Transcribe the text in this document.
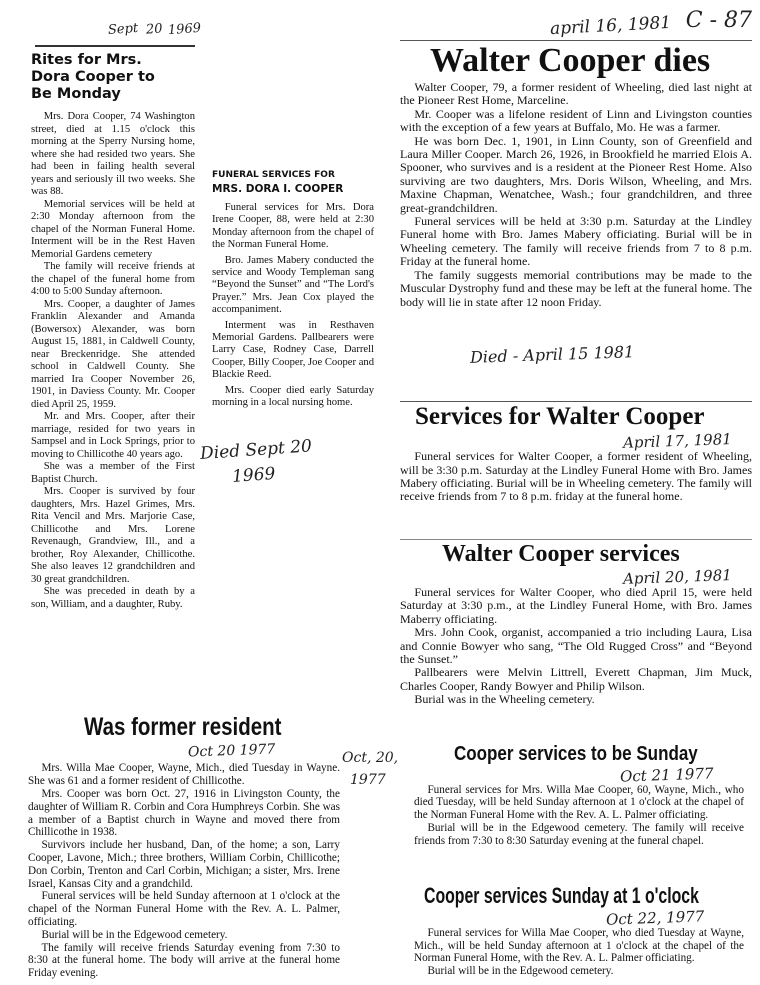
Sept 20 1969
Rites for Mrs.
Dora Cooper to
Be Monday

Mrs. Dora Cooper, 74 Washington street, died at 1.15 o'clock this morning at the Sperry Nursing home, where she had resided two years. She had been in failing health several years and seriously ill two weeks. She was 88.

Memorial services will be held at 2:30 Monday afternoon from the chapel of the Norman Funeral Home. Interment will be in the Rest Haven Memorial Gardens cemetery

The family will receive friends at the chapel of the funeral home from 4:00 to 5:00 Sunday afternoon.

Mrs. Cooper, a daughter of James Franklin Alexander and Amanda (Bowersox) Alexander, was born August 15, 1881, in Caldwell County, near Breckenridge. She attended school in Caldwell County. She married Ira Cooper November 26, 1901, in Daviess County. Mr. Cooper died April 25, 1959.

Mr. and Mrs. Cooper, after their marriage, resided for two years in Sampsel and in Lock Springs, prior to moving to Chillicothe 40 years ago.

She was a member of the First Baptist Church.

Mrs. Cooper is survived by four daughters, Mrs. Hazel Grimes, Mrs. Rita Vencil and Mrs. Marjorie Case, Chillicothe and Mrs. Lorene Revenaugh, Grandview, Ill., and a brother, Roy Alexander, Chillicothe. She also leaves 12 grandchildren and 30 great grandchildren.

She was preceded in death by a son, William, and a daughter, Ruby.

Was former resident
Oct 20 1977

Mrs. Willa Mae Cooper, Wayne, Mich., died Tuesday in Wayne. She was 61 and a former resident of Chillicothe.

Mrs. Cooper was born Oct. 27, 1916 in Livingston County, the daughter of William R. Corbin and Cora Humphreys Corbin. She was a member of a Baptist church in Wayne and moved there from Chillicothe in 1938.

Survivors include her husband, Dan, of the home; a son, Larry Cooper, Lavone, Mich.; three brothers, William Corbin, Chillicothe; Don Corbin, Trenton and Carl Corbin, Michigan; a sister, Mrs. Irene Israel, Kansas City and a grandchild.

Funeral services will be held Sunday afternoon at 1 o'clock at the chapel of the Norman Funeral Home with the Rev. A. L. Palmer, officiating.

Burial will be in the Edgewood cemetery.

The family will receive friends Saturday evening from 7:30 to 8:30 at the funeral home. The body will arrive at the funeral home Friday evening.

FUNERAL SERVICES FOR
MRS. DORA I. COOPER

Funeral services for Mrs. Dora Irene Cooper, 88, were held at 2:30 Monday afternoon from the chapel of the Norman Funeral Home.

Bro. James Mabery conducted the service and Woody Templeman sang “Beyond the Sunset” and “The Lord's Prayer.” Mrs. Jean Cox played the accompaniment.

Interment was in Resthaven Memorial Gardens. Pallbearers were Larry Case, Rodney Case, Darrell Cooper, Billy Cooper, Joe Cooper and Blackie Reed.

Mrs. Cooper died early Saturday morning in a local nursing home.

Died Sept 20
1969
Oct, 20,
1977
april 16, 1981 C - 87
Walter Cooper dies

Walter Cooper, 79, a former resident of Wheeling, died last night at the Pioneer Rest Home, Marceline.

Mr. Cooper was a lifelone resident of Linn and Livingston counties with the exception of a few years at Buffalo, Mo. He was a farmer.

He was born Dec. 1, 1901, in Linn County, son of Greenfield and Laura Miller Cooper. March 26, 1926, in Brookfield he married Elois A. Spooner, who survives and is a resident at the Pioneer Rest Home. Also surviving are two daughters, Mrs. Doris Wilson, Wheeling, and Mrs. Maxine Chapman, Wenatchee, Wash.; four grandchildren, and three great-grandchildren.

Funeral services will be held at 3:30 p.m. Saturday at the Lindley Funeral home with Bro. James Mabery officiating. Burial will be in Wheeling cemetery. The family will receive friends from 7 to 8 p.m. Friday at the funeral home.

The family suggests memorial contributions may be made to the Muscular Dystrophy fund and these may be left at the funeral home. The body will lie in state after 12 noon Friday.

Died - April 15 1981
Services for Walter Cooper
April 17, 1981

Funeral services for Walter Cooper, a former resident of Wheeling, will be 3:30 p.m. Saturday at the Lindley Funeral Home with Bro. James Mabery officiating. Burial will be in Wheeling cemetery. The family will receive friends from 7 to 8 p.m. friday at the funeral home.

Walter Cooper services
April 20, 1981

Funeral services for Walter Cooper, who died April 15, were held Saturday at 3:30 p.m., at the Lindley Funeral Home, with Bro. James Maberry officiating.

Mrs. John Cook, organist, accompanied a trio including Laura, Lisa and Connie Bowyer who sang, “The Old Rugged Cross” and “Beyond the Sunset.”

Pallbearers were Melvin Littrell, Everett Chapman, Jim Muck, Charles Cooper, Randy Bowyer and Philip Wilson.

Burial was in the Wheeling cemetery.

Cooper services to be Sunday
Oct 21 1977

Funeral services for Mrs. Willa Mae Cooper, 60, Wayne, Mich., who died Tuesday, will be held Sunday afternoon at 1 o'clock at the chapel of the Norman Funeral Home with the Rev. A. L. Palmer officiating.

Burial will be in the Edgewood cemetery. The family will receive friends from 7:30 to 8:30 Saturday evening at the funeral chapel.

Cooper services Sunday at 1 o'clock
Oct 22, 1977

Funeral services for Willa Mae Cooper, who died Tuesday at Wayne, Mich., will be held Sunday afternoon at 1 o'clock at the chapel of the Norman Funeral Home, with the Rev. A. L. Palmer officiating.

Burial will be in the Edgewood cemetery.
